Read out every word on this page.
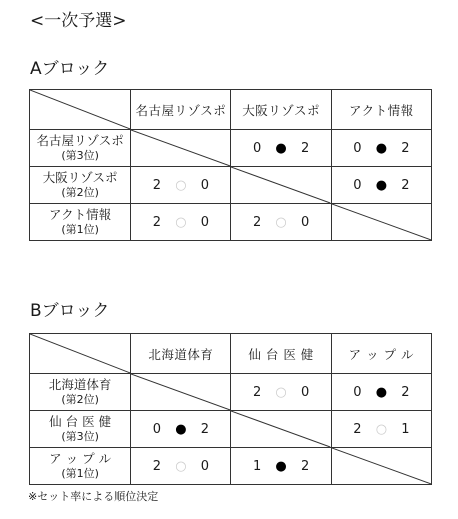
<一次予選>
Aブロック
	名古屋リゾスポ	大阪リゾスポ	アクト情報

名古屋リゾスポ
(第3位)		0 ● 2	0 ● 2

大阪リゾスポ
(第2位)	2 ○ 0		0 ● 2

アクト情報
(第1位)	2 ○ 0	2 ○ 0

Bブロック
	北海道体育	仙 台 医 健	ア ッ プ ル

北海道体育
(第2位)		2 ○ 0	0 ● 2

仙 台 医 健
(第3位)	0 ● 2		2 ○ 1

ア ッ プ ル
(第1位)	2 ○ 0	1 ● 2

※セット率による順位決定
